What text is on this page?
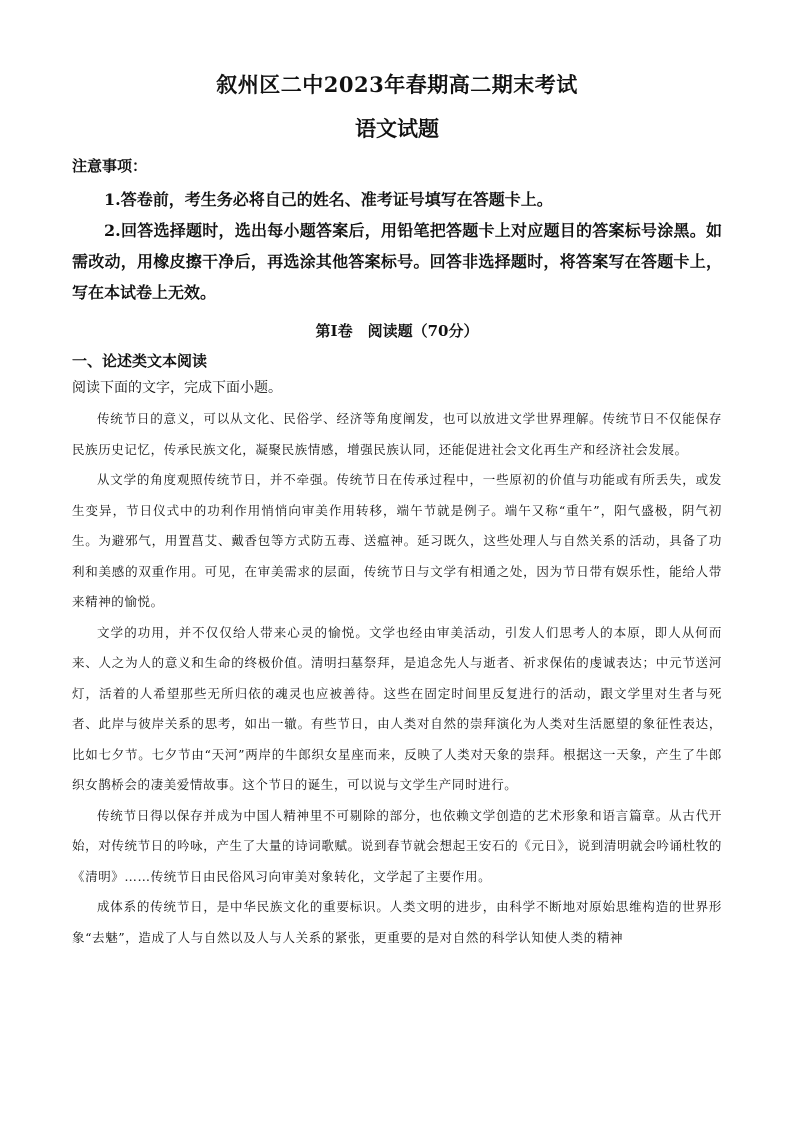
叙州区二中2023年春期高二期末考试
语文试题
注意事项：

1.答卷前，考生务必将自己的姓名、准考证号填写在答题卡上。

2.回答选择题时，选出每小题答案后，用铅笔把答题卡上对应题目的答案标号涂黑。如需改动，用橡皮擦干净后，再选涂其他答案标号。回答非选择题时，将答案写在答题卡上，写在本试卷上无效。

第Ⅰ卷　阅读题（70分）
一、论述类文本阅读
阅读下面的文字，完成下面小题。

传统节日的意义，可以从文化、民俗学、经济等角度阐发，也可以放进文学世界理解。传统节日不仅能保存民族历史记忆，传承民族文化，凝聚民族情感，增强民族认同，还能促进社会文化再生产和经济社会发展。

从文学的角度观照传统节日，并不牵强。传统节日在传承过程中，一些原初的价值与功能或有所丢失，或发生变异，节日仪式中的功利作用悄悄向审美作用转移，端午节就是例子。端午又称“重午”，阳气盛极，阴气初生。为避邪气，用置菖艾、戴香包等方式防五毒、送瘟神。延习既久，这些处理人与自然关系的活动，具备了功利和美感的双重作用。可见，在审美需求的层面，传统节日与文学有相通之处，因为节日带有娱乐性，能给人带来精神的愉悦。

文学的功用，并不仅仅给人带来心灵的愉悦。文学也经由审美活动，引发人们思考人的本原，即人从何而来、人之为人的意义和生命的终极价值。清明扫墓祭拜，是追念先人与逝者、祈求保佑的虔诚表达；中元节送河灯，活着的人希望那些无所归依的魂灵也应被善待。这些在固定时间里反复进行的活动，跟文学里对生者与死者、此岸与彼岸关系的思考，如出一辙。有些节日，由人类对自然的崇拜演化为人类对生活愿望的象征性表达，比如七夕节。七夕节由“天河”两岸的牛郎织女星座而来，反映了人类对天象的崇拜。根据这一天象，产生了牛郎织女鹊桥会的凄美爱情故事。这个节日的诞生，可以说与文学生产同时进行。

传统节日得以保存并成为中国人精神里不可剔除的部分，也依赖文学创造的艺术形象和语言篇章。从古代开始，对传统节日的吟咏，产生了大量的诗词歌赋。说到春节就会想起王安石的《元日》，说到清明就会吟诵杜牧的《清明》……传统节日由民俗风习向审美对象转化，文学起了主要作用。

成体系的传统节日，是中华民族文化的重要标识。人类文明的进步，由科学不断地对原始思维构造的世界形象“去魅”，造成了人与自然以及人与人关系的紧张，更重要的是对自然的科学认知使人类的精神
